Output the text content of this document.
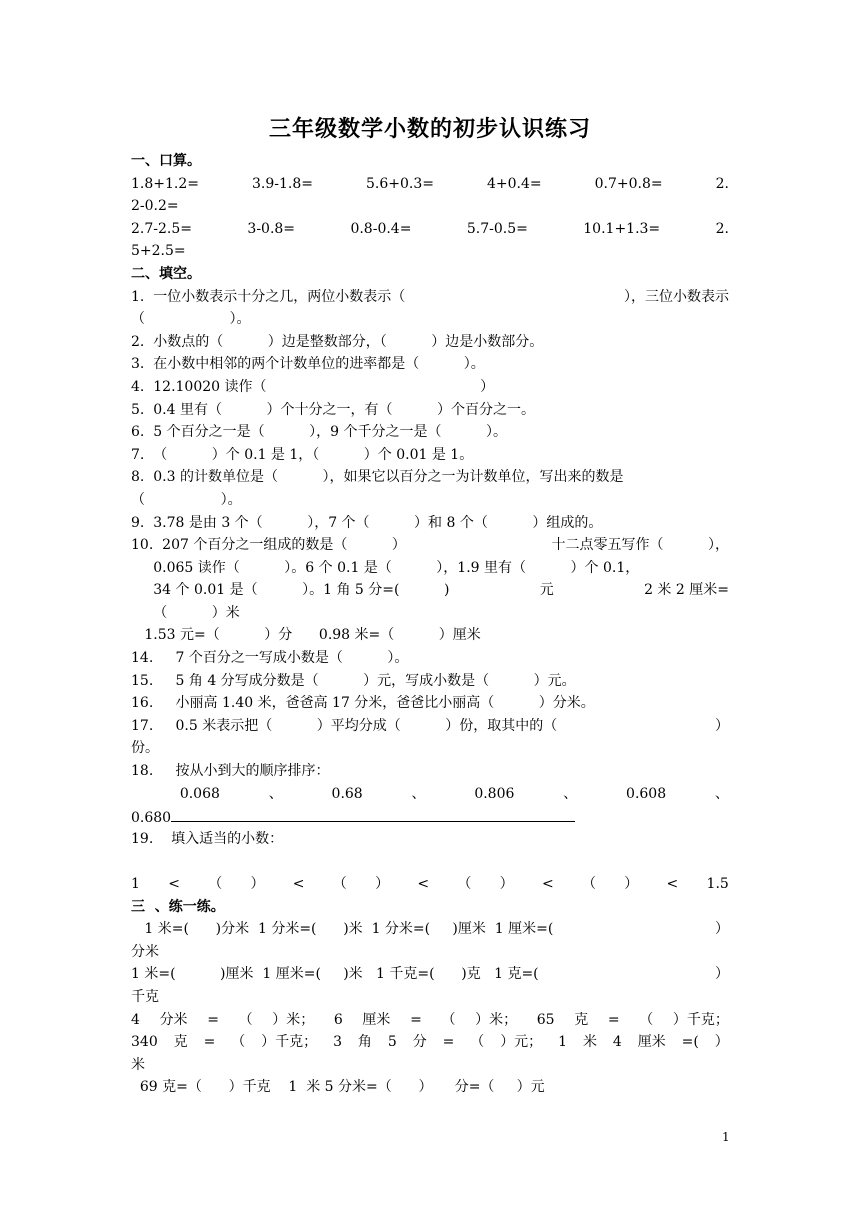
三年级数学小数的初步认识练习
一、口算。
1.8+1.2=	3.9-1.8=	5.6+0.3=	4+0.4=	0.7+0.8=	2.
2-0.2=
2.7-2.5=	3-0.8=	0.8-0.4=	5.7-0.5=	10.1+1.3=	2.
5+2.5=
二、填空。
1.  一位小数表示十分之几，两位小数表示（	），三位小数表示
（                   ）。
2.  小数点的（          ）边是整数部分，（          ）边是小数部分。
3.  在小数中相邻的两个计数单位的进率都是（          ）。
4.  12.10020 读作（                                                ）
5.  0.4 里有（          ）个十分之一，有（          ）个百分之一。
6.  5 个百分之一是（          ），9 个千分之一是（          ）。
7.  （          ）个 0.1 是 1，（          ）个 0.01 是 1。
8.  0.3 的计数单位是（          ），如果它以百分之一为计数单位，写出来的数是
（                 ）。
9.  3.78 是由 3 个（          ），7 个（          ）和 8 个（          ）组成的。
10.  207 个百分之一组成的数是（          ）	十二点零五写作（          ），
0.065 读作（          ）。6 个 0.1 是（          ），1.9 里有（          ）个 0.1，
34 个 0.01 是（          ）。1 角 5 分=(          )	元	2 米 2 厘米=
（          ）米
1.53 元=（          ）分      0.98 米=（          ）厘米
14.     7 个百分之一写成小数是（          ）。
15.     5 角 4 分写成分数是（          ）元，写成小数是（          ）元。
16.     小丽高 1.40 米，爸爸高 17 分米，爸爸比小丽高（          ）分米。
17.     0.5 米表示把（          ）平均分成（          ）份，取其中的（	）
份。
18.     按从小到大的顺序排序：
0.068	、	0.68	、	0.806	、	0.608	、
0.680
19.    填入适当的小数：
1 < （ ） < （ ） < （ ） < （ ） < 1.5
三  、练一练。
1 米=(      )分米  1 分米=(      )米  1 分米=(     )厘米  1 厘米=(	）
分米
1 米=(          )厘米  1 厘米=(     )米   1 千克=(      )克   1 克=(	）
千克
4 分米 = （ ）米； 6 厘米 = （ ）米； 65 克 = （ ）千克；
340 克 = （ ）千克； 3 角 5 分 = （ ）元； 1 米 4 厘米 =( ）
米
69 克=（      ）千克    1  米 5 分米=（      ）     分=（     ）元
1
